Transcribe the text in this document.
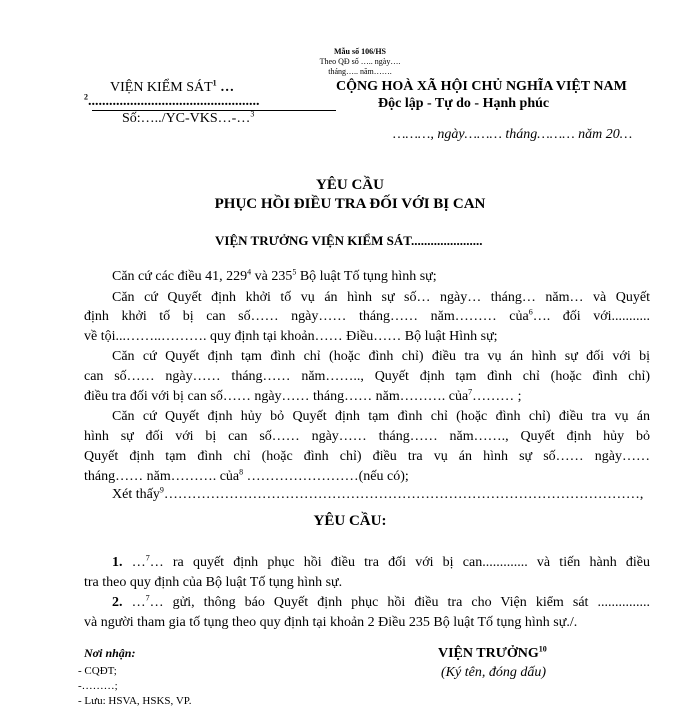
Mẫu số 106/HS
Theo QĐ số ….. ngày….
tháng….. năm…….
VIỆN KIỂM SÁT$^1$ …
$^2$.................................................
Số:…../YC-VKS…-…$^3$
CỘNG HOÀ XÃ HỘI CHỦ NGHĨA VIỆT NAM
Độc lập - Tự do - Hạnh phúc
………, ngày……… tháng……… năm 20…
YÊU CẦU
PHỤC HỒI ĐIỀU TRA ĐỐI VỚI BỊ CAN
VIỆN TRƯỞNG VIỆN KIỂM SÁT......................
Căn cứ các điều 41, $229^4$ và $235^5$ Bộ luật Tố tụng hình sự;
Căn cứ Quyết định khởi tố vụ án hình sự số… ngày… tháng… năm… và Quyết
định khởi tố bị can số…… ngày…… tháng…… năm……… của$^6$…. đối với...........
về tội...……..………. quy định tại khoản…… Điều…… Bộ luật Hình sự;
Căn cứ Quyết định tạm đình chỉ (hoặc đình chỉ) điều tra vụ án hình sự đối với bị
can số…… ngày…… tháng…… năm…….., Quyết định tạm đình chỉ (hoặc đình chỉ)
điều tra đối với bị can số…… ngày…… tháng…… năm………. của$^7$……… ;
Căn cứ Quyết định hủy bỏ Quyết định tạm đình chỉ (hoặc đình chỉ) điều tra vụ án
hình sự đối với bị can số…… ngày…… tháng…… năm……., Quyết định hủy bỏ
Quyết định tạm đình chỉ (hoặc đình chỉ) điều tra vụ án hình sự số…… ngày……
tháng…… năm………. của$^8$ ……………………(nếu có);
Xét thấy$^9$…………………………………………………………………………………………,
YÊU CẦU:
1. …$^7$… ra quyết định phục hồi điều tra đối với bị can............. và tiến hành điều
tra theo quy định của Bộ luật Tố tụng hình sự.
2. …$^7$… gửi, thông báo Quyết định phục hồi điều tra cho Viện kiểm sát ...............
và người tham gia tố tụng theo quy định tại khoản 2 Điều 235 Bộ luật Tố tụng hình sự./.
Nơi nhận:
- CQĐT;
-………;
- Lưu: HSVA, HSKS, VP.
VIỆN TRƯỞNG$^{10}$
(Ký tên, đóng dấu)
